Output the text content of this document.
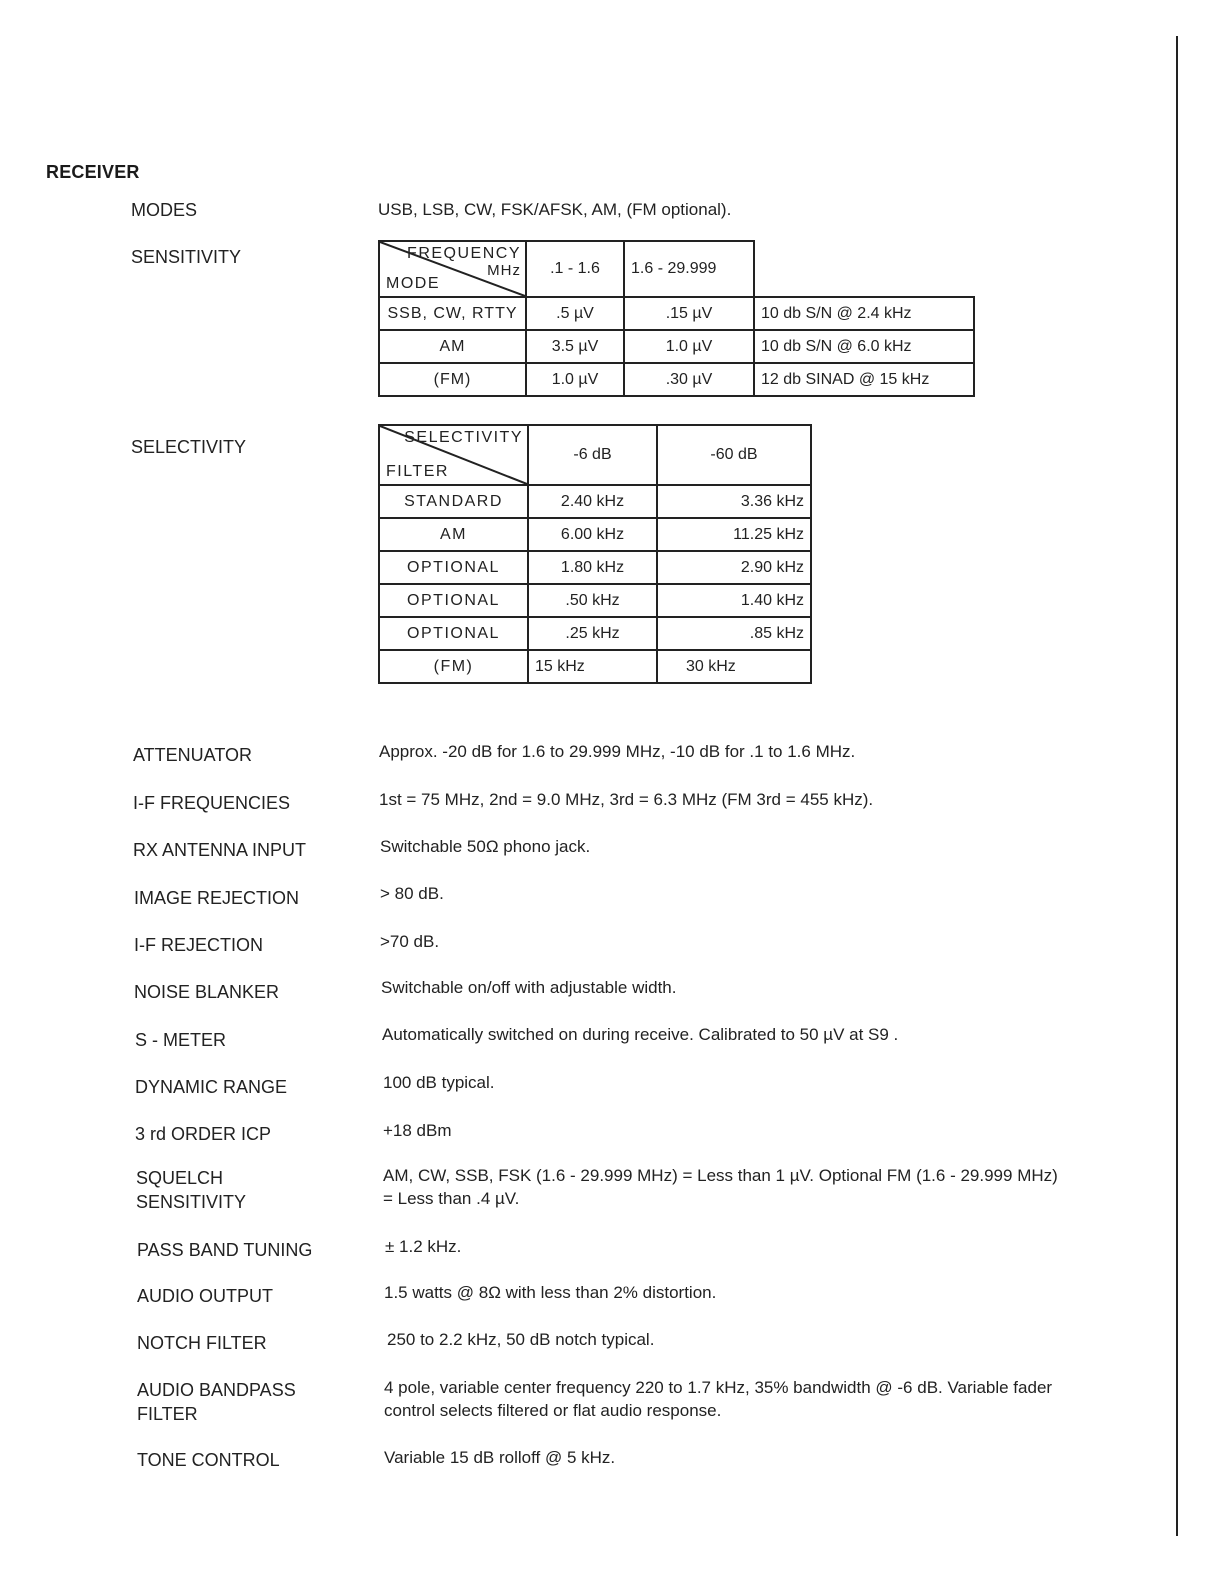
RECEIVER
MODES	USB, LSB, CW, FSK/AFSK, AM, (FM optional).
SENSITIVITY
SELECTIVITY
FREQUENCY
MHz
MODE	.1 - 1.6	1.6 - 29.999	
SSB, CW, RTTY	.5 µV	.15 µV	10 db S/N @ 2.4 kHz
AM	3.5 µV	1.0 µV	10 db S/N @ 6.0 kHz
(FM)	1.0 µV	.30 µV	12 db SINAD @ 15 kHz
SELECTIVITY
FILTER	-6 dB	-60 dB
STANDARD	2.40 kHz	3.36 kHz
AM	6.00 kHz	11.25 kHz
OPTIONAL	1.80 kHz	2.90 kHz
OPTIONAL	.50 kHz	1.40 kHz
OPTIONAL	.25 kHz	.85 kHz
(FM)	15 kHz	30 kHz
ATTENUATOR	Approx. -20 dB for 1.6 to 29.999 MHz, -10 dB for .1 to 1.6 MHz.
I-F FREQUENCIES	1st = 75 MHz, 2nd = 9.0 MHz, 3rd = 6.3 MHz (FM 3rd = 455 kHz).
RX ANTENNA INPUT	Switchable 50Ω phono jack.
IMAGE REJECTION	> 80 dB.
I-F REJECTION	>70 dB.
NOISE BLANKER	Switchable on/off with adjustable width.
S - METER	Automatically switched on during receive. Calibrated to 50 µV at S9 .
DYNAMIC RANGE	100 dB typical.
3 rd ORDER ICP	+18 dBm
SQUELCH SENSITIVITY
AM, CW, SSB, FSK (1.6 - 29.999 MHz) = Less than 1 µV. Optional FM (1.6 - 29.999 MHz) = Less than .4 µV.
PASS BAND TUNING	± 1.2 kHz.
AUDIO OUTPUT	1.5 watts @ 8Ω with less than 2% distortion.
NOTCH FILTER	250 to 2.2 kHz, 50 dB notch typical.
AUDIO BANDPASS FILTER
4 pole, variable center frequency 220 to 1.7 kHz, 35% bandwidth @ -6 dB. Variable fader control selects filtered or flat audio response.
TONE CONTROL	Variable 15 dB rolloff @ 5 kHz.
